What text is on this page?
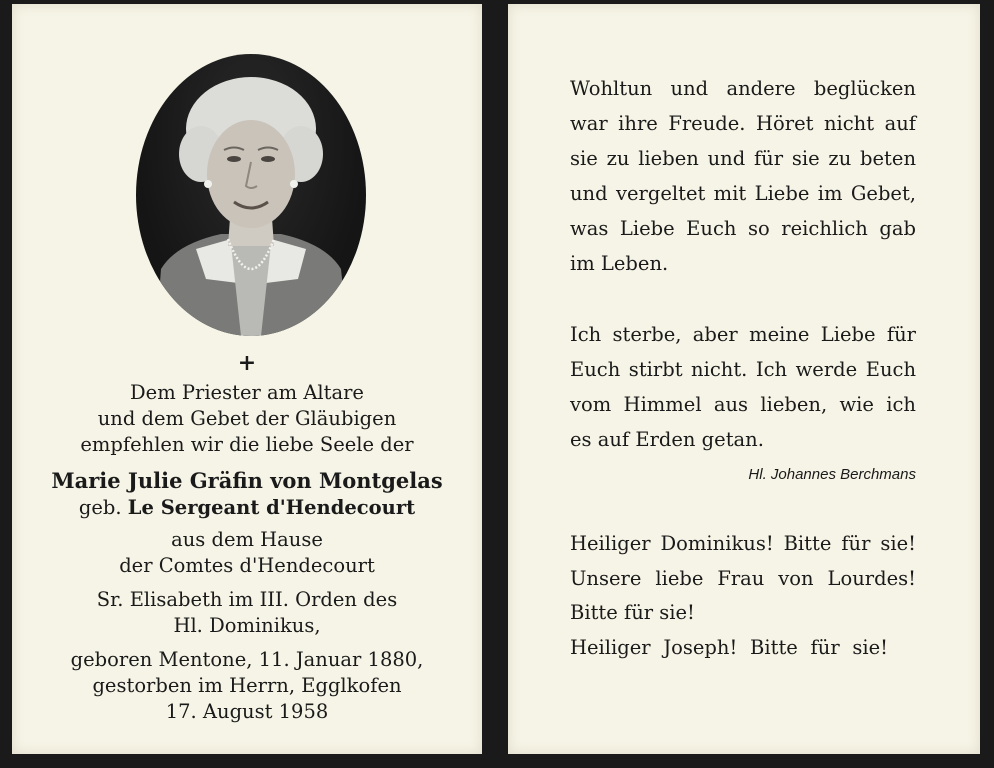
+
Dem Priester am Altare
und dem Gebet der Gläubigen
empfehlen wir die liebe Seele der
Marie Julie Gräfin von Montgelas
geb. Le Sergeant d'Hendecourt
aus dem Hause
der Comtes d'Hendecourt
Sr. Elisabeth im III. Orden des
Hl. Dominikus,
geboren Mentone, 11. Januar 1880,
gestorben im Herrn, Egglkofen
17. August 1958
Wohltun und andere beglücken
war ihre Freude. Höret nicht auf
sie zu lieben und für sie zu beten
und vergeltet mit Liebe im Gebet,
was Liebe Euch so reichlich gab
im Leben.
Ich sterbe, aber meine Liebe für
Euch stirbt nicht. Ich werde Euch
vom Himmel aus lieben, wie ich
es auf Erden getan.
Hl. Johannes Berchmans
Heiliger Dominikus! Bitte für sie!
Unsere liebe Frau von Lourdes!
Bitte für sie!
Heiliger Joseph! Bitte für sie!
